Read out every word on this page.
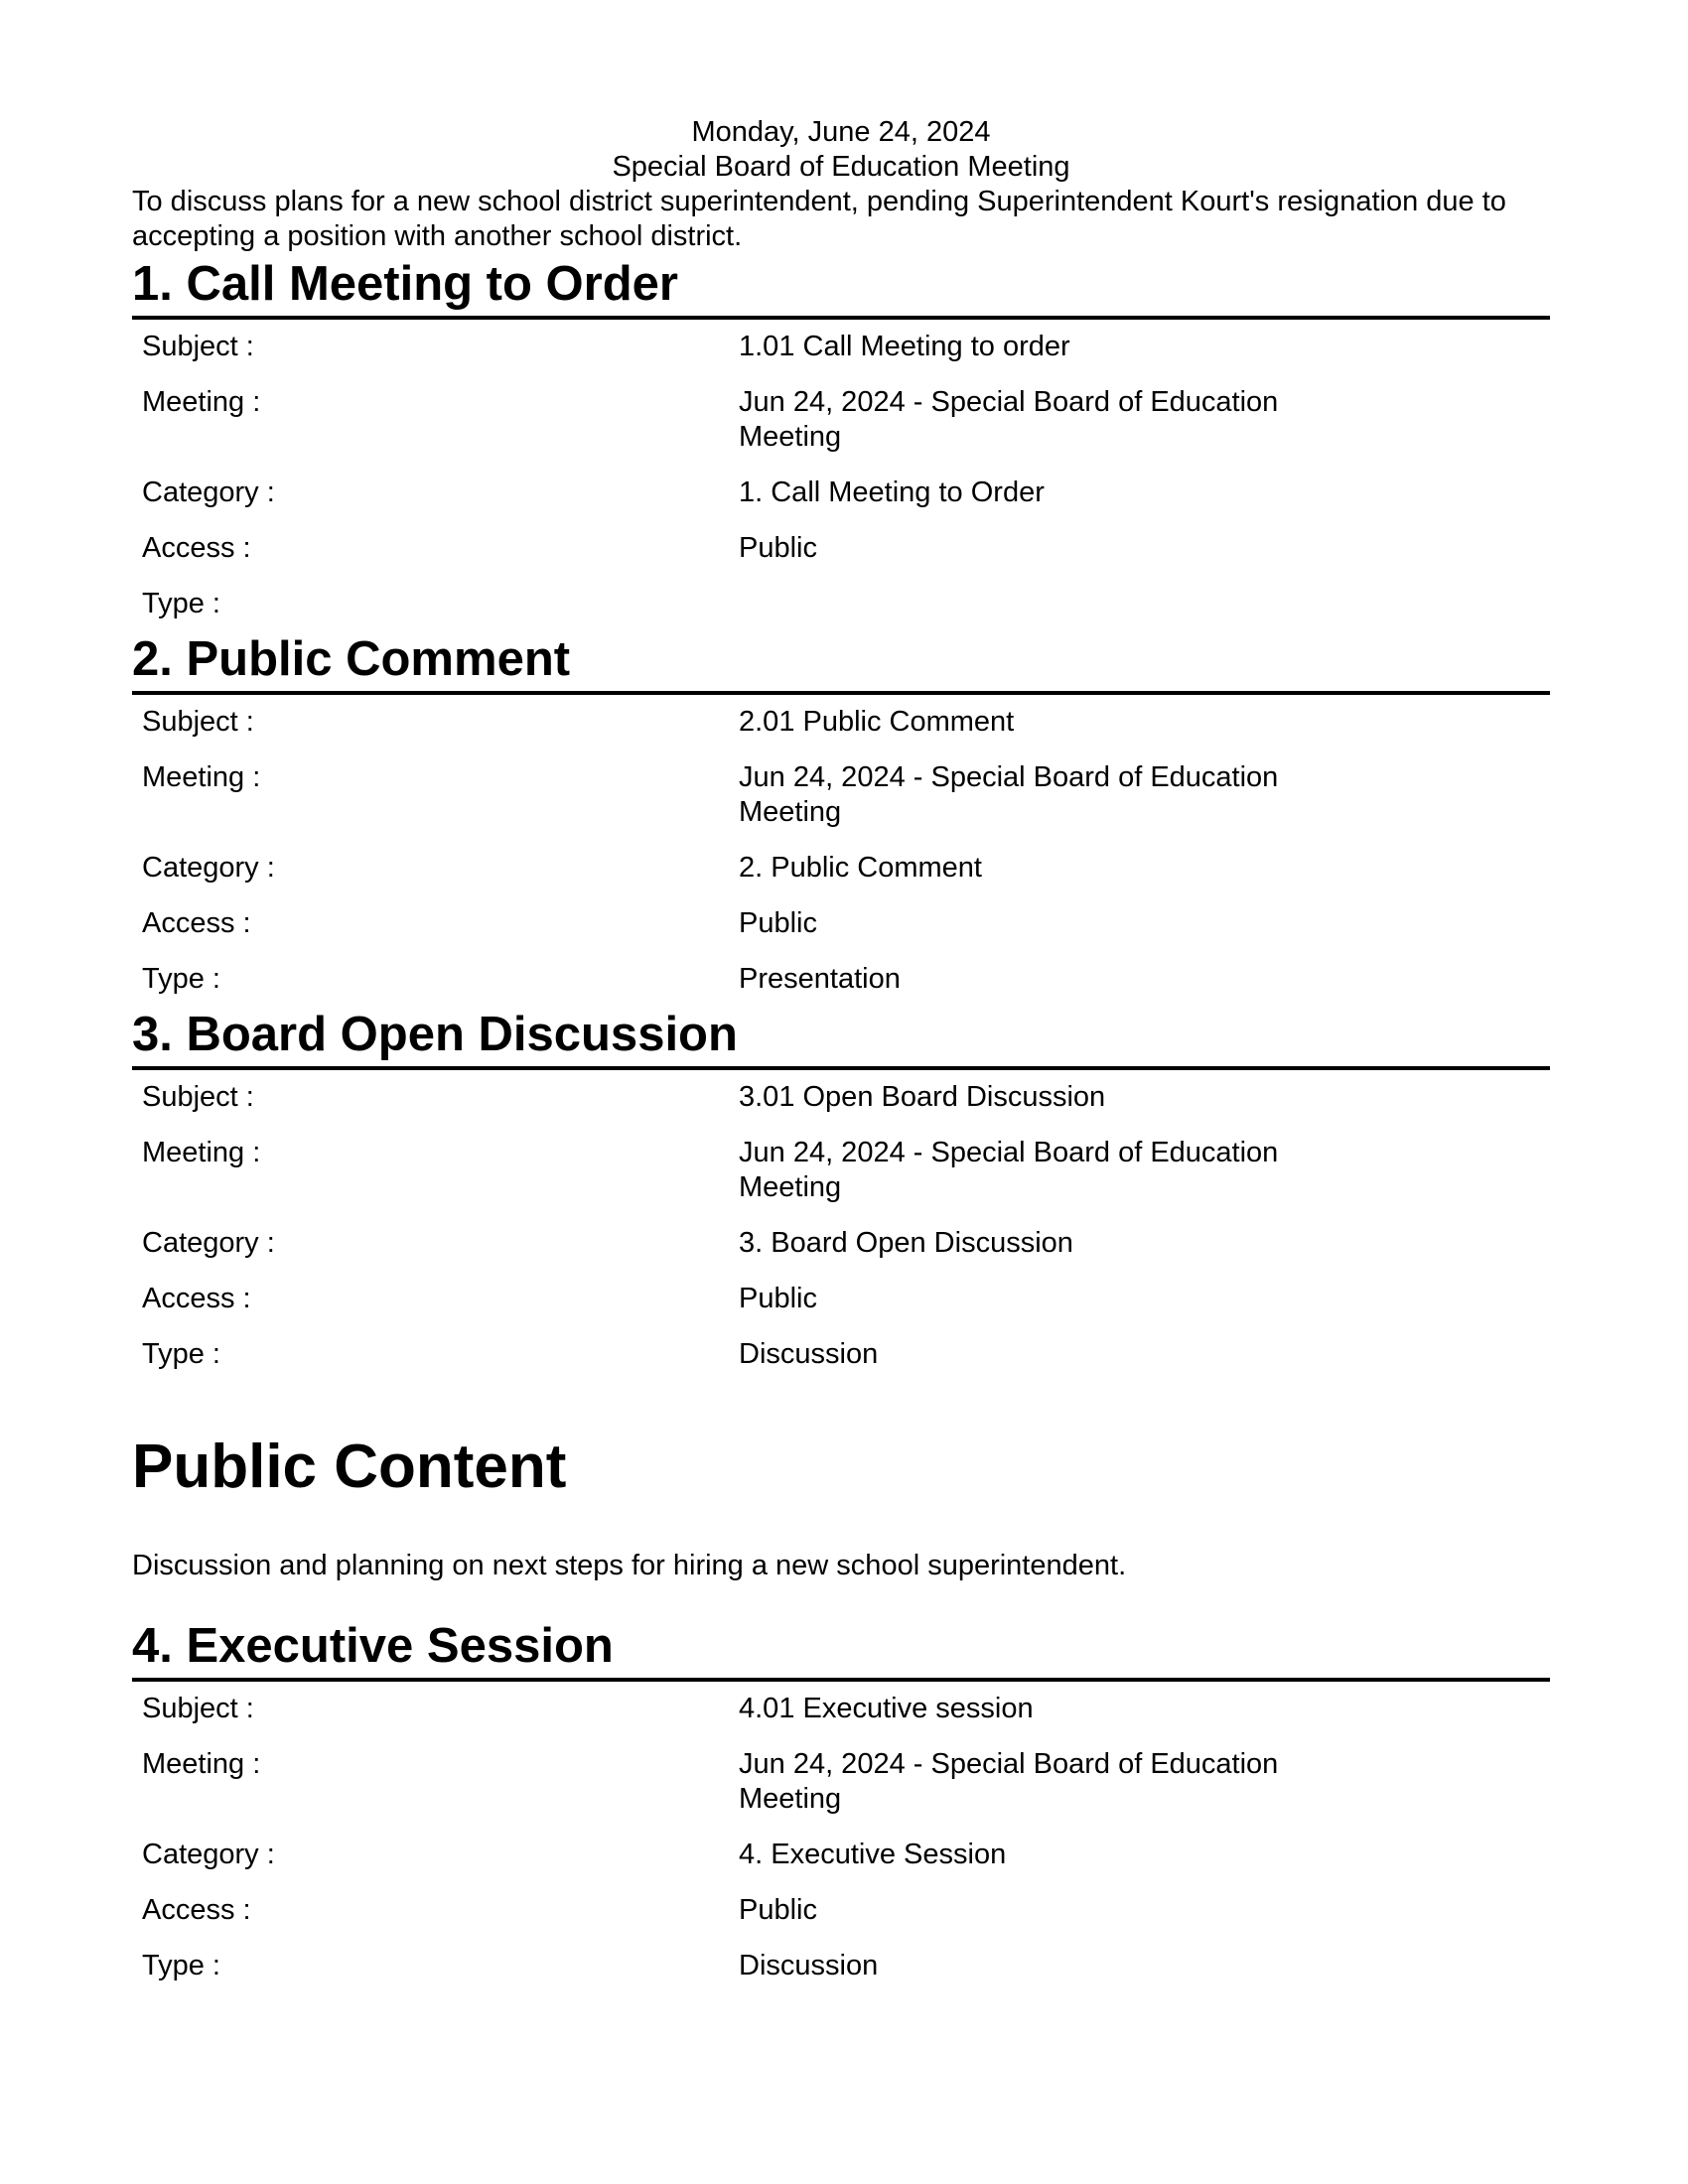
Monday, June 24, 2024
Special Board of Education Meeting

To discuss plans for a new school district superintendent, pending Superintendent Kourt's resignation due to accepting a position with another school district.

1. Call Meeting to Order
Subject :	1.01 Call Meeting to order
Meeting :	Jun 24, 2024 - Special Board of Education Meeting
Category :	1. Call Meeting to Order
Access :	Public
Type :
2. Public Comment
Subject :	2.01 Public Comment
Meeting :	Jun 24, 2024 - Special Board of Education Meeting
Category :	2. Public Comment
Access :	Public
Type :	Presentation
3. Board Open Discussion
Subject :	3.01 Open Board Discussion
Meeting :	Jun 24, 2024 - Special Board of Education Meeting
Category :	3. Board Open Discussion
Access :	Public
Type :	Discussion
Public Content

Discussion and planning on next steps for hiring a new school superintendent.

4. Executive Session
Subject :	4.01 Executive session
Meeting :	Jun 24, 2024 - Special Board of Education Meeting
Category :	4. Executive Session
Access :	Public
Type :	Discussion
